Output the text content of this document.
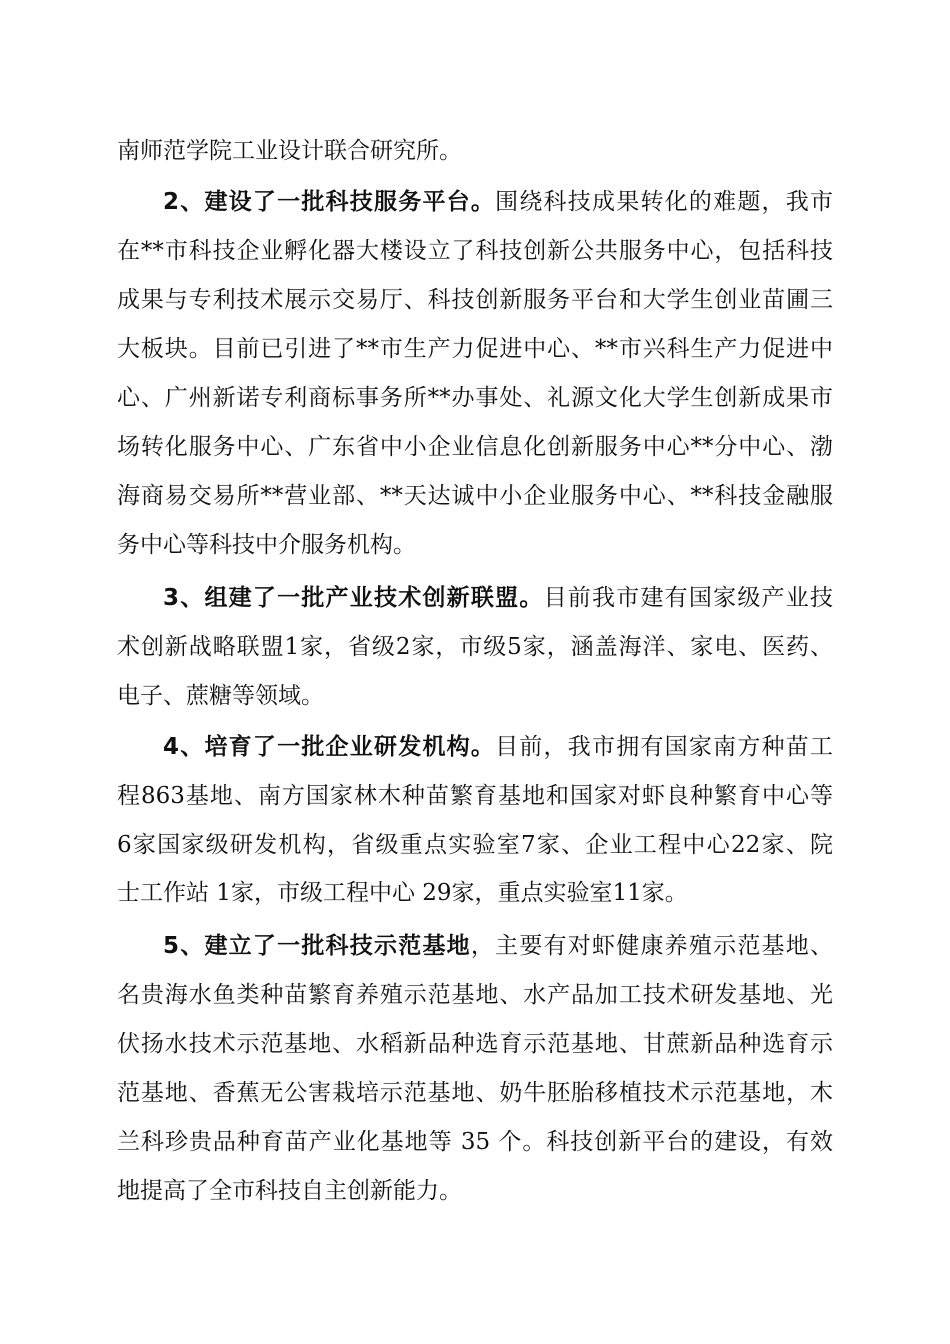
南师范学院工业设计联合研究所。

2、建设了一批科技服务平台。围绕科技成果转化的难题，我市

在**市科技企业孵化器大楼设立了科技创新公共服务中心，包括科技

成果与专利技术展示交易厅、科技创新服务平台和大学生创业苗圃三

大板块。目前已引进了**市生产力促进中心、**市兴科生产力促进中

心、广州新诺专利商标事务所**办事处、礼源文化大学生创新成果市

场转化服务中心、广东省中小企业信息化创新服务中心**分中心、渤

海商易交易所**营业部、**天达诚中小企业服务中心、**科技金融服

务中心等科技中介服务机构。

3、组建了一批产业技术创新联盟。目前我市建有国家级产业技

术创新战略联盟1家，省级2家，市级5家，涵盖海洋、家电、医药、

电子、蔗糖等领域。

4、培育了一批企业研发机构。目前，我市拥有国家南方种苗工

程863基地、南方国家林木种苗繁育基地和国家对虾良种繁育中心等

6家国家级研发机构，省级重点实验室7家、企业工程中心22家、院

士工作站 1家，市级工程中心 29家，重点实验室11家。

5、建立了一批科技示范基地，主要有对虾健康养殖示范基地、

名贵海水鱼类种苗繁育养殖示范基地、水产品加工技术研发基地、光

伏扬水技术示范基地、水稻新品种选育示范基地、甘蔗新品种选育示

范基地、香蕉无公害栽培示范基地、奶牛胚胎移植技术示范基地，木

兰科珍贵品种育苗产业化基地等 35 个。科技创新平台的建设，有效

地提高了全市科技自主创新能力。
